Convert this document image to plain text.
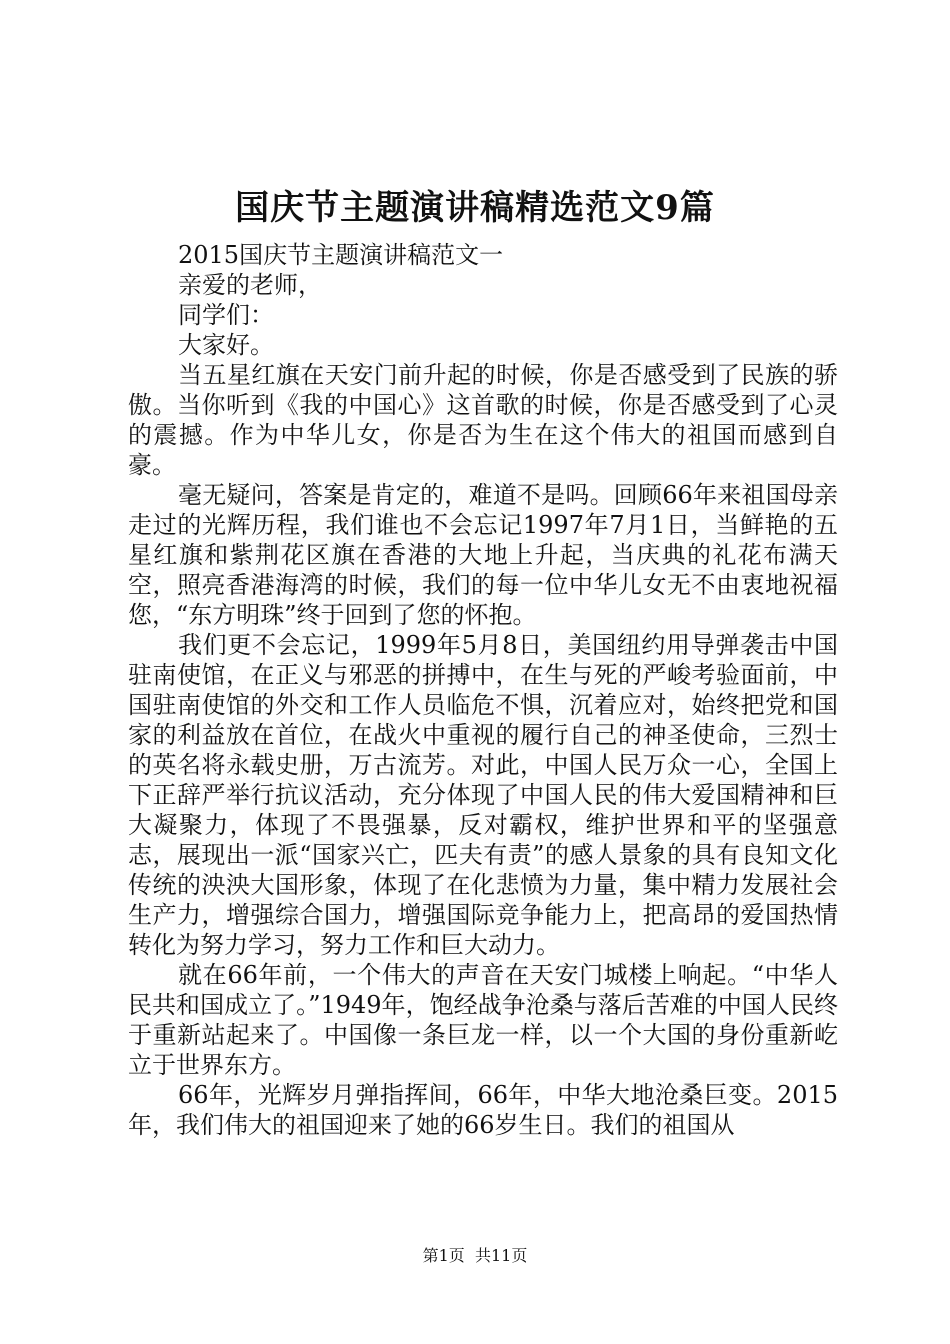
国庆节主题演讲稿精选范文9篇

2015国庆节主题演讲稿范文一

亲爱的老师，

同学们：

大家好。

当五星红旗在天安门前升起的时候，你是否感受到了民族的骄傲。当你听到《我的中国心》这首歌的时候，你是否感受到了心灵的震撼。作为中华儿女，你是否为生在这个伟大的祖国而感到自豪。

毫无疑问，答案是肯定的，难道不是吗。回顾66年来祖国母亲走过的光辉历程，我们谁也不会忘记1997年7月1日，当鲜艳的五星红旗和紫荆花区旗在香港的大地上升起，当庆典的礼花布满天空，照亮香港海湾的时候，我们的每一位中华儿女无不由衷地祝福您，“东方明珠”终于回到了您的怀抱。

我们更不会忘记，1999年5月8日，美国纽约用导弹袭击中国驻南使馆，在正义与邪恶的拼搏中，在生与死的严峻考验面前，中国驻南使馆的外交和工作人员临危不惧，沉着应对，始终把党和国家的利益放在首位，在战火中重视的履行自己的神圣使命，三烈士的英名将永载史册，万古流芳。对此，中国人民万众一心，全国上下正辞严举行抗议活动，充分体现了中国人民的伟大爱国精神和巨大凝聚力，体现了不畏强暴，反对霸权，维护世界和平的坚强意志，展现出一派“国家兴亡，匹夫有责”的感人景象的具有良知文化传统的泱泱大国形象，体现了在化悲愤为力量，集中精力发展社会生产力，增强综合国力，增强国际竞争能力上，把高昂的爱国热情转化为努力学习，努力工作和巨大动力。

就在66年前，一个伟大的声音在天安门城楼上响起。“中华人民共和国成立了。”1949年，饱经战争沧桑与落后苦难的中国人民终于重新站起来了。中国像一条巨龙一样，以一个大国的身份重新屹立于世界东方。

66年，光辉岁月弹指挥间，66年，中华大地沧桑巨变。2015年，我们伟大的祖国迎来了她的66岁生日。我们的祖国从

第1页 共11页
